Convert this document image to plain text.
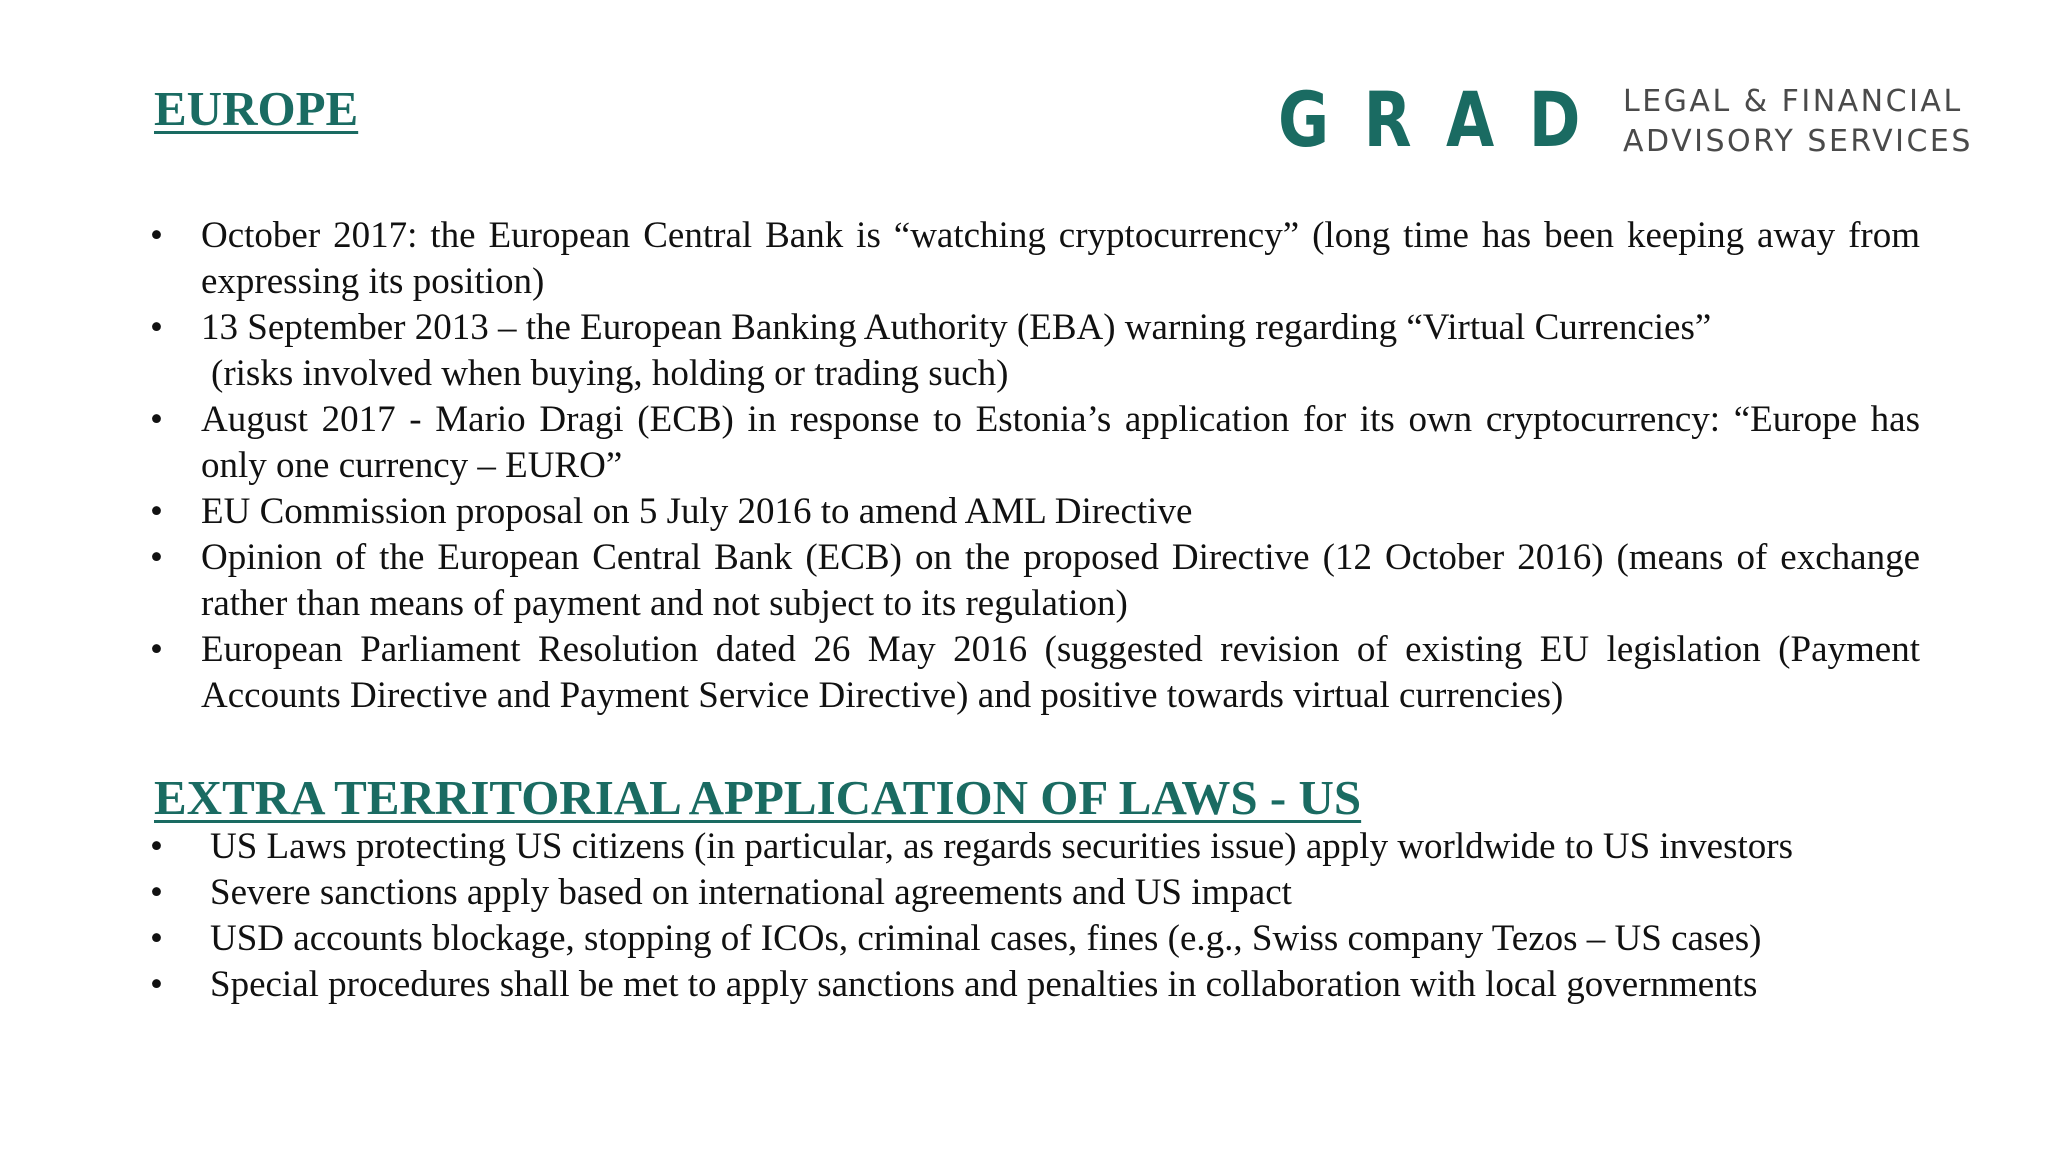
EUROPE	GRAD LEGAL & FINANCIAL
ADVISORY SERVICES
• October 2017: the European Central Bank is “watching cryptocurrency” (long time has been keeping away from expressing its position)
• 13 September 2013 – the European Banking Authority (EBA) warning regarding “Virtual Currencies”
(risks involved when buying, holding or trading such)
• August 2017 - Mario Dragi (ECB) in response to Estonia’s application for its own cryptocurrency: “Europe has only one currency – EURO”
• EU Commission proposal on 5 July 2016 to amend AML Directive
• Opinion of the European Central Bank (ECB) on the proposed Directive (12 October 2016) (means of exchange rather than means of payment and not subject to its regulation)
• European Parliament Resolution dated 26 May 2016 (suggested revision of existing EU legislation (Payment Accounts Directive and Payment Service Directive) and positive towards virtual currencies)
EXTRA TERRITORIAL APPLICATION OF LAWS - US
• US Laws protecting US citizens (in particular, as regards securities issue) apply worldwide to US investors
• Severe sanctions apply based on international agreements and US impact
• USD accounts blockage, stopping of ICOs, criminal cases, fines (e.g., Swiss company Tezos – US cases)
• Special procedures shall be met to apply sanctions and penalties in collaboration with local governments
